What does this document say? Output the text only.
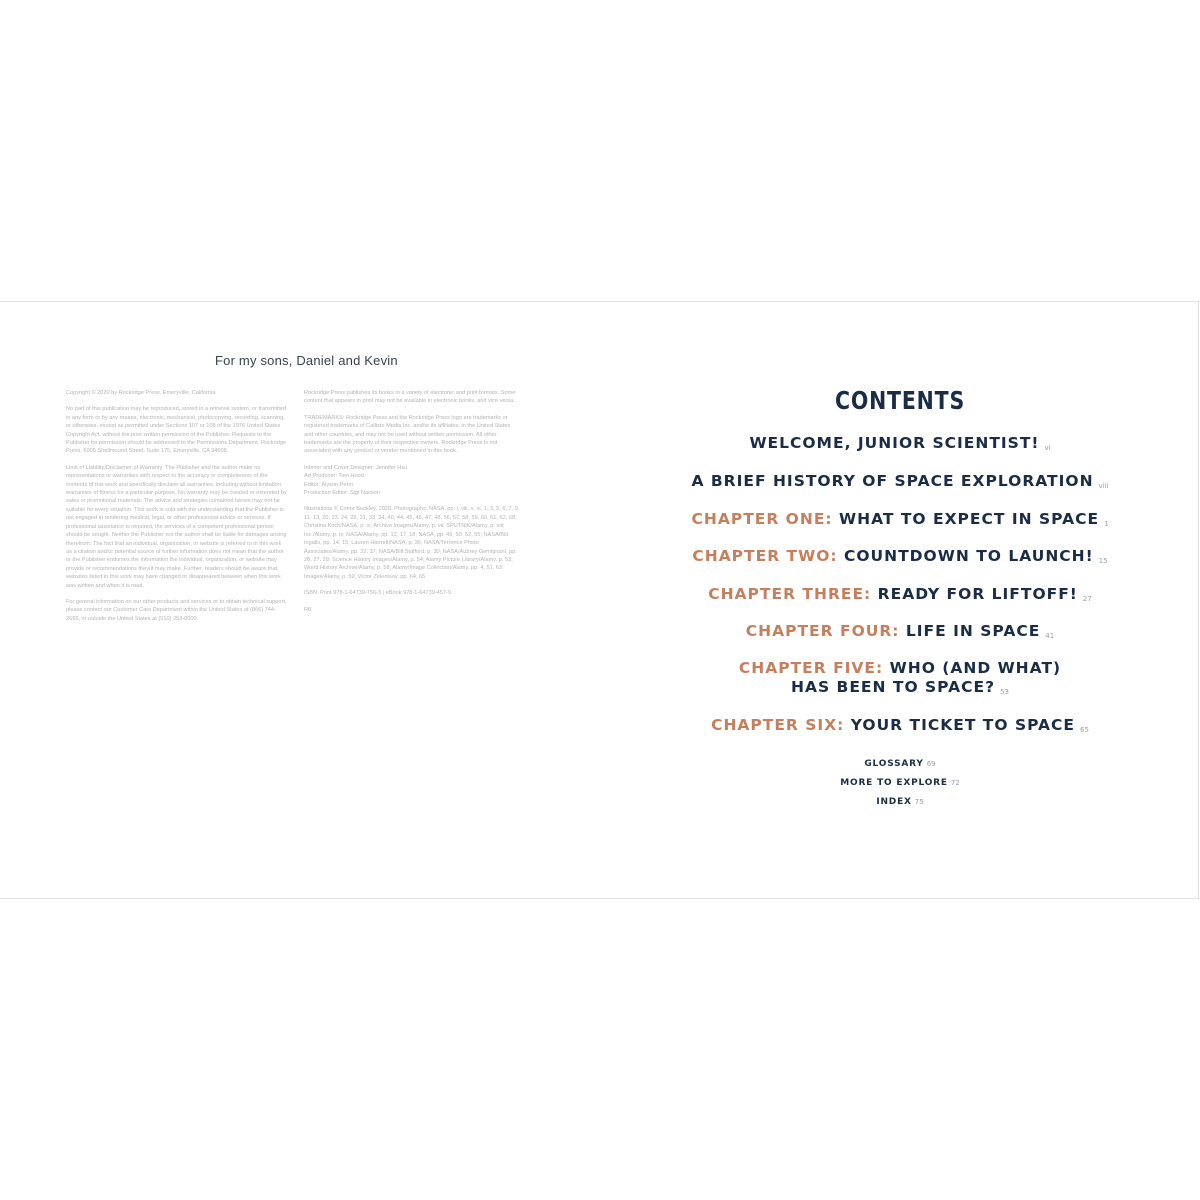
For my sons, Daniel and Kevin

Copyright © 2020 by Rockridge Press, Emeryville, California

No part of this publication may be reproduced, stored in a retrieval system, or transmitted in any form or by any means, electronic, mechanical, photocopying, recording, scanning, or otherwise, except as permitted under Sections 107 or 108 of the 1976 United States Copyright Act, without the prior written permission of the Publisher. Requests to the Publisher for permission should be addressed to the Permissions Department, Rockridge Press, 6005 Shellmound Street, Suite 175, Emeryville, CA 94608.

Limit of Liability/Disclaimer of Warranty: The Publisher and the author make no representations or warranties with respect to the accuracy or completeness of the contents of this work and specifically disclaim all warranties, including without limitation warranties of fitness for a particular purpose. No warranty may be created or extended by sales or promotional materials. The advice and strategies contained herein may not be suitable for every situation. This work is sold with the understanding that the Publisher is not engaged in rendering medical, legal, or other professional advice or services. If professional assistance is required, the services of a competent professional person should be sought. Neither the Publisher nor the author shall be liable for damages arising therefrom. The fact that an individual, organization, or website is referred to in this work as a citation and/or potential source of further information does not mean that the author or the Publisher endorses the information the individual, organization, or website may provide or recommendations they/it may make. Further, readers should be aware that websites listed in this work may have changed or disappeared between when this work was written and when it is read.

For general information on our other products and services or to obtain technical support, please contact our Customer Care Department within the United States at (866) 744-2665, or outside the United States at (510) 253-0500.

Rockridge Press publishes its books in a variety of electronic and print formats. Some content that appears in print may not be available in electronic books, and vice versa.

TRADEMARKS: Rockridge Press and the Rockridge Press logo are trademarks or registered trademarks of Callisto Media Inc. and/or its affiliates, in the United States and other countries, and may not be used without written permission. All other trademarks are the property of their respective owners. Rockridge Press is not associated with any product or vendor mentioned in this book.

Interior and Cover Designer: Jennifer Hsu
Art Producer: Tom Hood
Editor: Alyson Penn
Production Editor: Sigi Nacson

Illustrations © Conor Buckley, 2020. Photographs: NASA, pp. i, viii, x, xi, 1, 3, 5, 6, 7, 9, 11, 13, 20, 23, 24, 28, 31, 33, 34, 40, 44, 45, 46, 47, 48, 56, 57, 58, 59, 60, 61, 62, 68; Christina Koch/NASA, p. vi; Archive Images/Alamy, p. vii; SPUTNIK/Alamy, p. viii; Inc./Alamy, p. ix; NASA/Alamy, pp. 12, 17, 18; NASA, pp. 49, 50, 52, 55; NASA/Bill Ingalls, pp. 14, 15; Lauren Harnett/NASA, p. 36; NASA/Terrence Photo Associates/Alamy, pp. 32, 37; NASA/Bill Stafford, p. 30; NASA/Aubrey Gemignani, pp. 26, 27, 29; Science History Images/Alamy, p. 54; Alamy Picture Library/Alamy, p. 53; World History Archive/Alamy, p. 58; Alamy/Image Collection/Alamy, pp. 4, 51, 63; Images/Alamy, p. 59; Victor Zelentsov, pp. 64, 65.

ISBN: Print 978-1-64739-756-3 | eBook 978-1-64739-457-9

R0

CONTENTS
WELCOME, JUNIOR SCIENTIST! vi
A BRIEF HISTORY OF SPACE EXPLORATION viii
CHAPTER ONE: WHAT TO EXPECT IN SPACE 1
CHAPTER TWO: COUNTDOWN TO LAUNCH! 15
CHAPTER THREE: READY FOR LIFTOFF! 27
CHAPTER FOUR: LIFE IN SPACE 41
CHAPTER FIVE: WHO (AND WHAT)
HAS BEEN TO SPACE? 53
CHAPTER SIX: YOUR TICKET TO SPACE 65
GLOSSARY 69
MORE TO EXPLORE 72
INDEX 75
